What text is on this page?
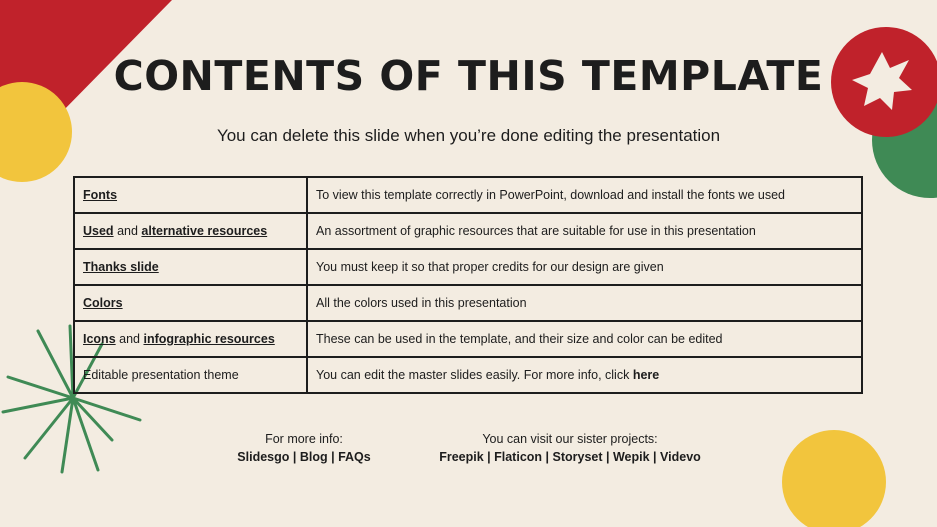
CONTENTS OF THIS TEMPLATE
You can delete this slide when you’re done editing the presentation
Fonts	To view this template correctly in PowerPoint, download and install the fonts we used
Used and alternative resources	An assortment of graphic resources that are suitable for use in this presentation
Thanks slide	You must keep it so that proper credits for our design are given
Colors	All the colors used in this presentation
Icons and infographic resources	These can be used in the template, and their size and color can be edited
Editable presentation theme	You can edit the master slides easily. For more info, click here
For more info:
Slidesgo | Blog | FAQs
You can visit our sister projects:
Freepik | Flaticon | Storyset | Wepik | Videvo
